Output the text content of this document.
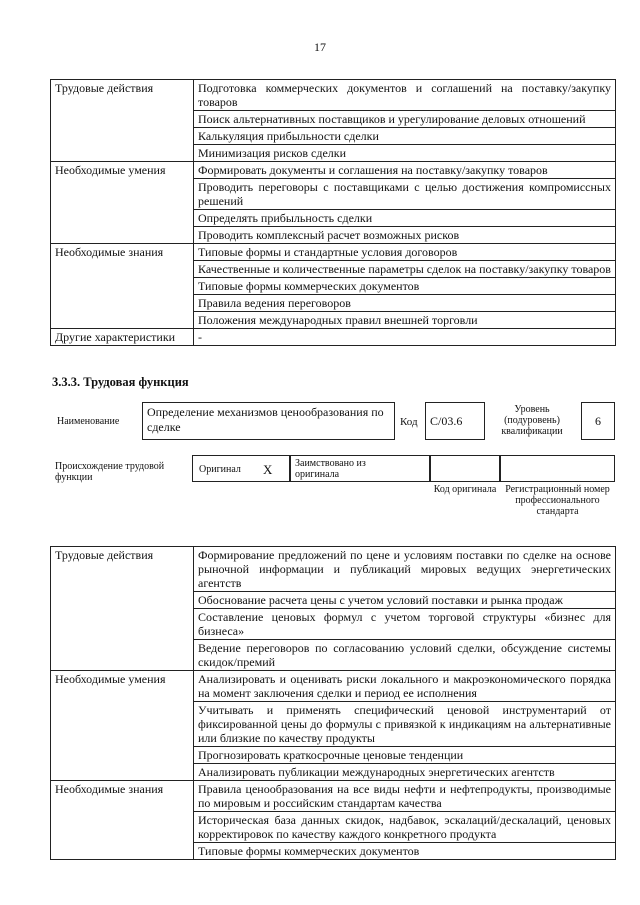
17
Трудовые действия	Подготовка коммерческих документов и соглашений на поставку/закупку товаров
	Поиск альтернативных поставщиков и урегулирование деловых отношений
	Калькуляция прибыльности сделки
	Минимизация рисков сделки
Необходимые умения	Формировать документы и соглашения на поставку/закупку товаров
	Проводить переговоры с поставщиками с целью достижения компромиссных решений
	Определять прибыльность сделки
	Проводить комплексный расчет возможных рисков
Необходимые знания	Типовые формы и стандартные условия договоров
	Качественные и количественные параметры сделок на поставку/закупку товаров
	Типовые формы коммерческих документов
	Правила ведения переговоров
	Положения международных правил внешней торговли
Другие характеристики	-
3.3.3. Трудовая функция
Наименование
Определение механизмов ценообразования по сделке	Код	C/03.6
Уровень (подуровень) квалификации
6
Происхождение трудовой функции
Оригинал X Заимствовано из оригинала
Код оригинала Регистрационный номер профессионального стандарта
Трудовые действия	Формирование предложений по цене и условиям поставки по сделке на основе рыночной информации и публикаций мировых ведущих энергетических агентств
	Обоснование расчета цены с учетом условий поставки и рынка продаж
	Составление ценовых формул с учетом торговой структуры «бизнес для бизнеса»
	Ведение переговоров по согласованию условий сделки, обсуждение системы скидок/премий
Необходимые умения	Анализировать и оценивать риски локального и макроэкономического порядка на момент заключения сделки и период ее исполнения
	Учитывать и применять специфический ценовой инструментарий от фиксированной цены до формулы с привязкой к индикациям на альтернативные или близкие по качеству продукты
	Прогнозировать краткосрочные ценовые тенденции
	Анализировать публикации международных энергетических агентств
Необходимые знания	Правила ценообразования на все виды нефти и нефтепродукты, производимые по мировым и российским стандартам качества
	Историческая база данных скидок, надбавок, эскалаций/дескалаций, ценовых корректировок по качеству каждого конкретного продукта
	Типовые формы коммерческих документов
